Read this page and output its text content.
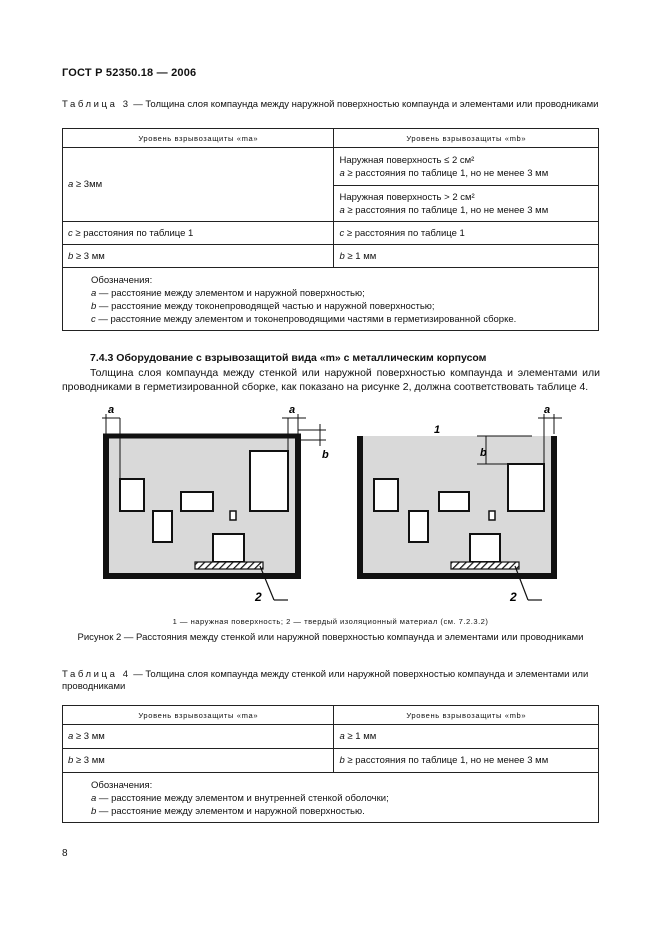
ГОСТ Р 52350.18 — 2006
Таблица 3 — Толщина слоя компаунда между наружной поверхностью компаунда и элементами или проводниками
Уровень взрывозащиты «ma»	Уровень взрывозащиты «mb»
a ≥ 3мм	Наружная поверхность ≤ 2 см²
a ≥ расстояния по таблице 1, но не менее 3 мм

	Наружная поверхность > 2 см²
a ≥ расстояния по таблице 1, но не менее 3 мм

c ≥ расстояния по таблице 1	c ≥ расстояния по таблице 1
b ≥ 3 мм	b ≥ 1 мм

Обозначения:
a — расстояние между элементом и наружной поверхностью;
b — расстояние между токонепроводящей частью и наружной поверхностью;
c — расстояние между элементом и токонепроводящими частями в герметизированной сборке.	
7.4.3 Оборудование с взрывозащитой вида «m» с металлическим корпусом
Толщина слоя компаунда между стенкой или наружной поверхностью компаунда и элементами или проводниками в герметизированной сборке, как показано на рисунке 2, должна соответствовать таблице 4.
a	a
b
2
1
b
a
2
1 — наружная поверхность; 2 — твердый изоляционный материал (см. 7.2.3.2)
Рисунок 2 — Расстояния между стенкой или наружной поверхностью компаунда и элементами или проводниками
Таблица 4 — Толщина слоя компаунда между стенкой или наружной поверхностью компаунда и элементами или проводниками
Уровень взрывозащиты «ma»	Уровень взрывозащиты «mb»
a ≥ 3 мм	a ≥ 1 мм
b ≥ 3 мм	b ≥ расстояния по таблице 1, но не менее 3 мм

Обозначения:
a — расстояние между элементом и внутренней стенкой оболочки;
b — расстояние между элементом и наружной поверхностью.	
8
